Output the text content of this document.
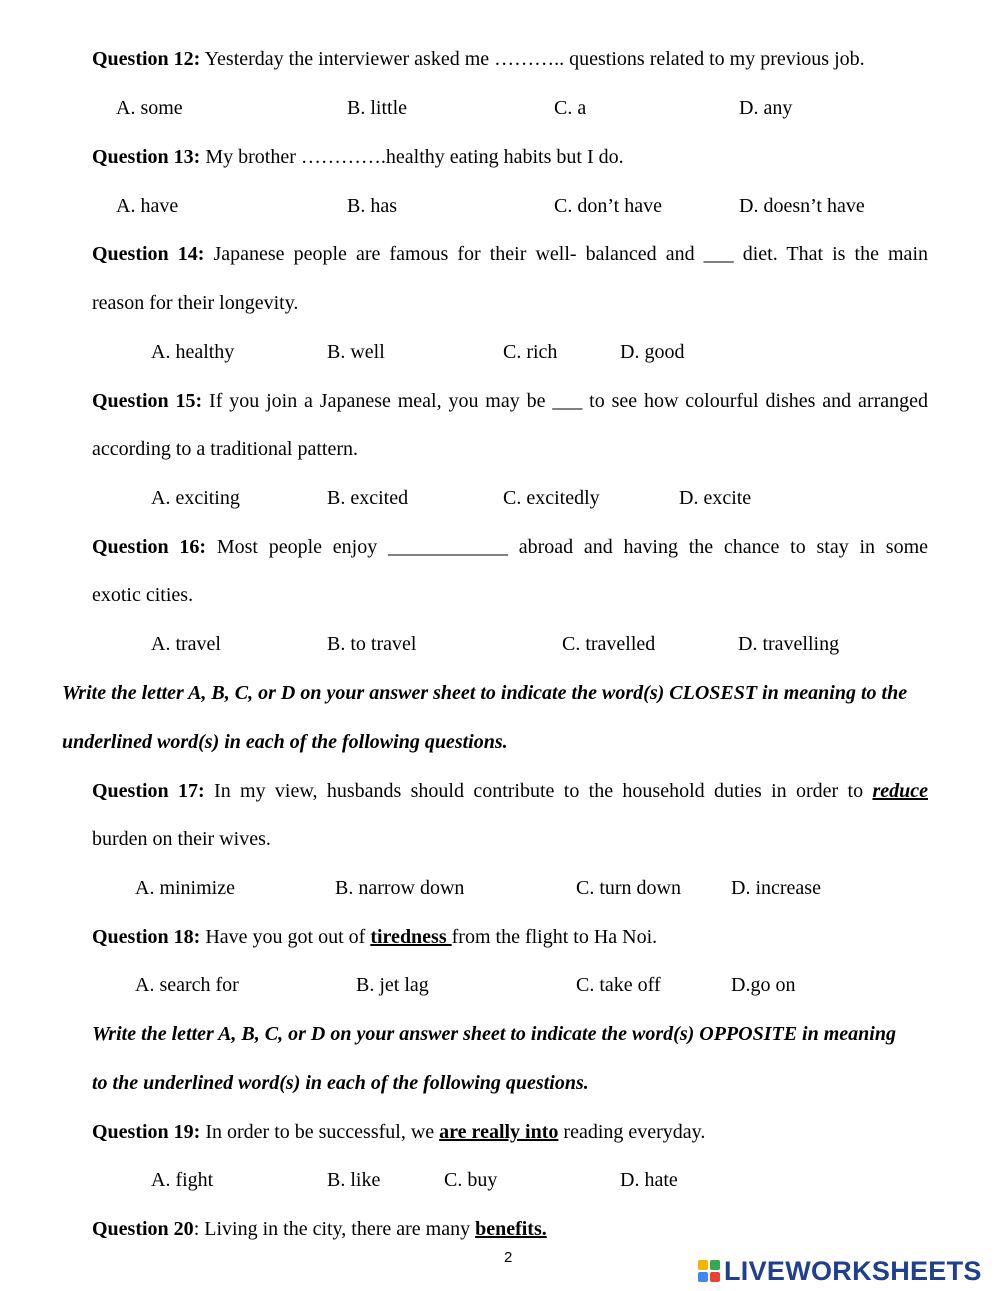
Question 12: Yesterday the interviewer asked me ……….. questions related to my previous job.
A. some	B. little	C. a	D. any
Question 13: My brother ………….healthy eating habits but I do.
A. have	B. has	C. don’t have	D. doesn’t have
Question 14: Japanese people are famous for their well- balanced and ___ diet. That is the main
reason for their longevity.
A. healthy	B. well	C. rich	D. good
Question 15: If you join a Japanese meal, you may be ___ to see how colourful dishes and arranged
according to a traditional pattern.
A. exciting	B. excited	C. excitedly	D. excite
Question 16: Most people enjoy ____________ abroad and having the chance to stay in some
exotic cities.
A. travel	B. to travel	C. travelled	D. travelling
Write the letter A, B, C, or D on your answer sheet to indicate the word(s) CLOSEST in meaning to the
underlined word(s) in each of the following questions.
Question 17: In my view, husbands should contribute to the household duties in order to reduce
burden on their wives.
A. minimize	B. narrow down	C. turn down	D. increase
Question 18: Have you got out of tiredness from the flight to Ha Noi.
A. search for	B. jet lag	C. take off	D.go on
Write the letter A, B, C, or D on your answer sheet to indicate the word(s) OPPOSITE in meaning
to the underlined word(s) in each of the following questions.
Question 19: In order to be successful, we are really into reading everyday.
A. fight	B. like	C. buy	D. hate
Question 20: Living in the city, there are many benefits.
2	LIVEWORKSHEETS
